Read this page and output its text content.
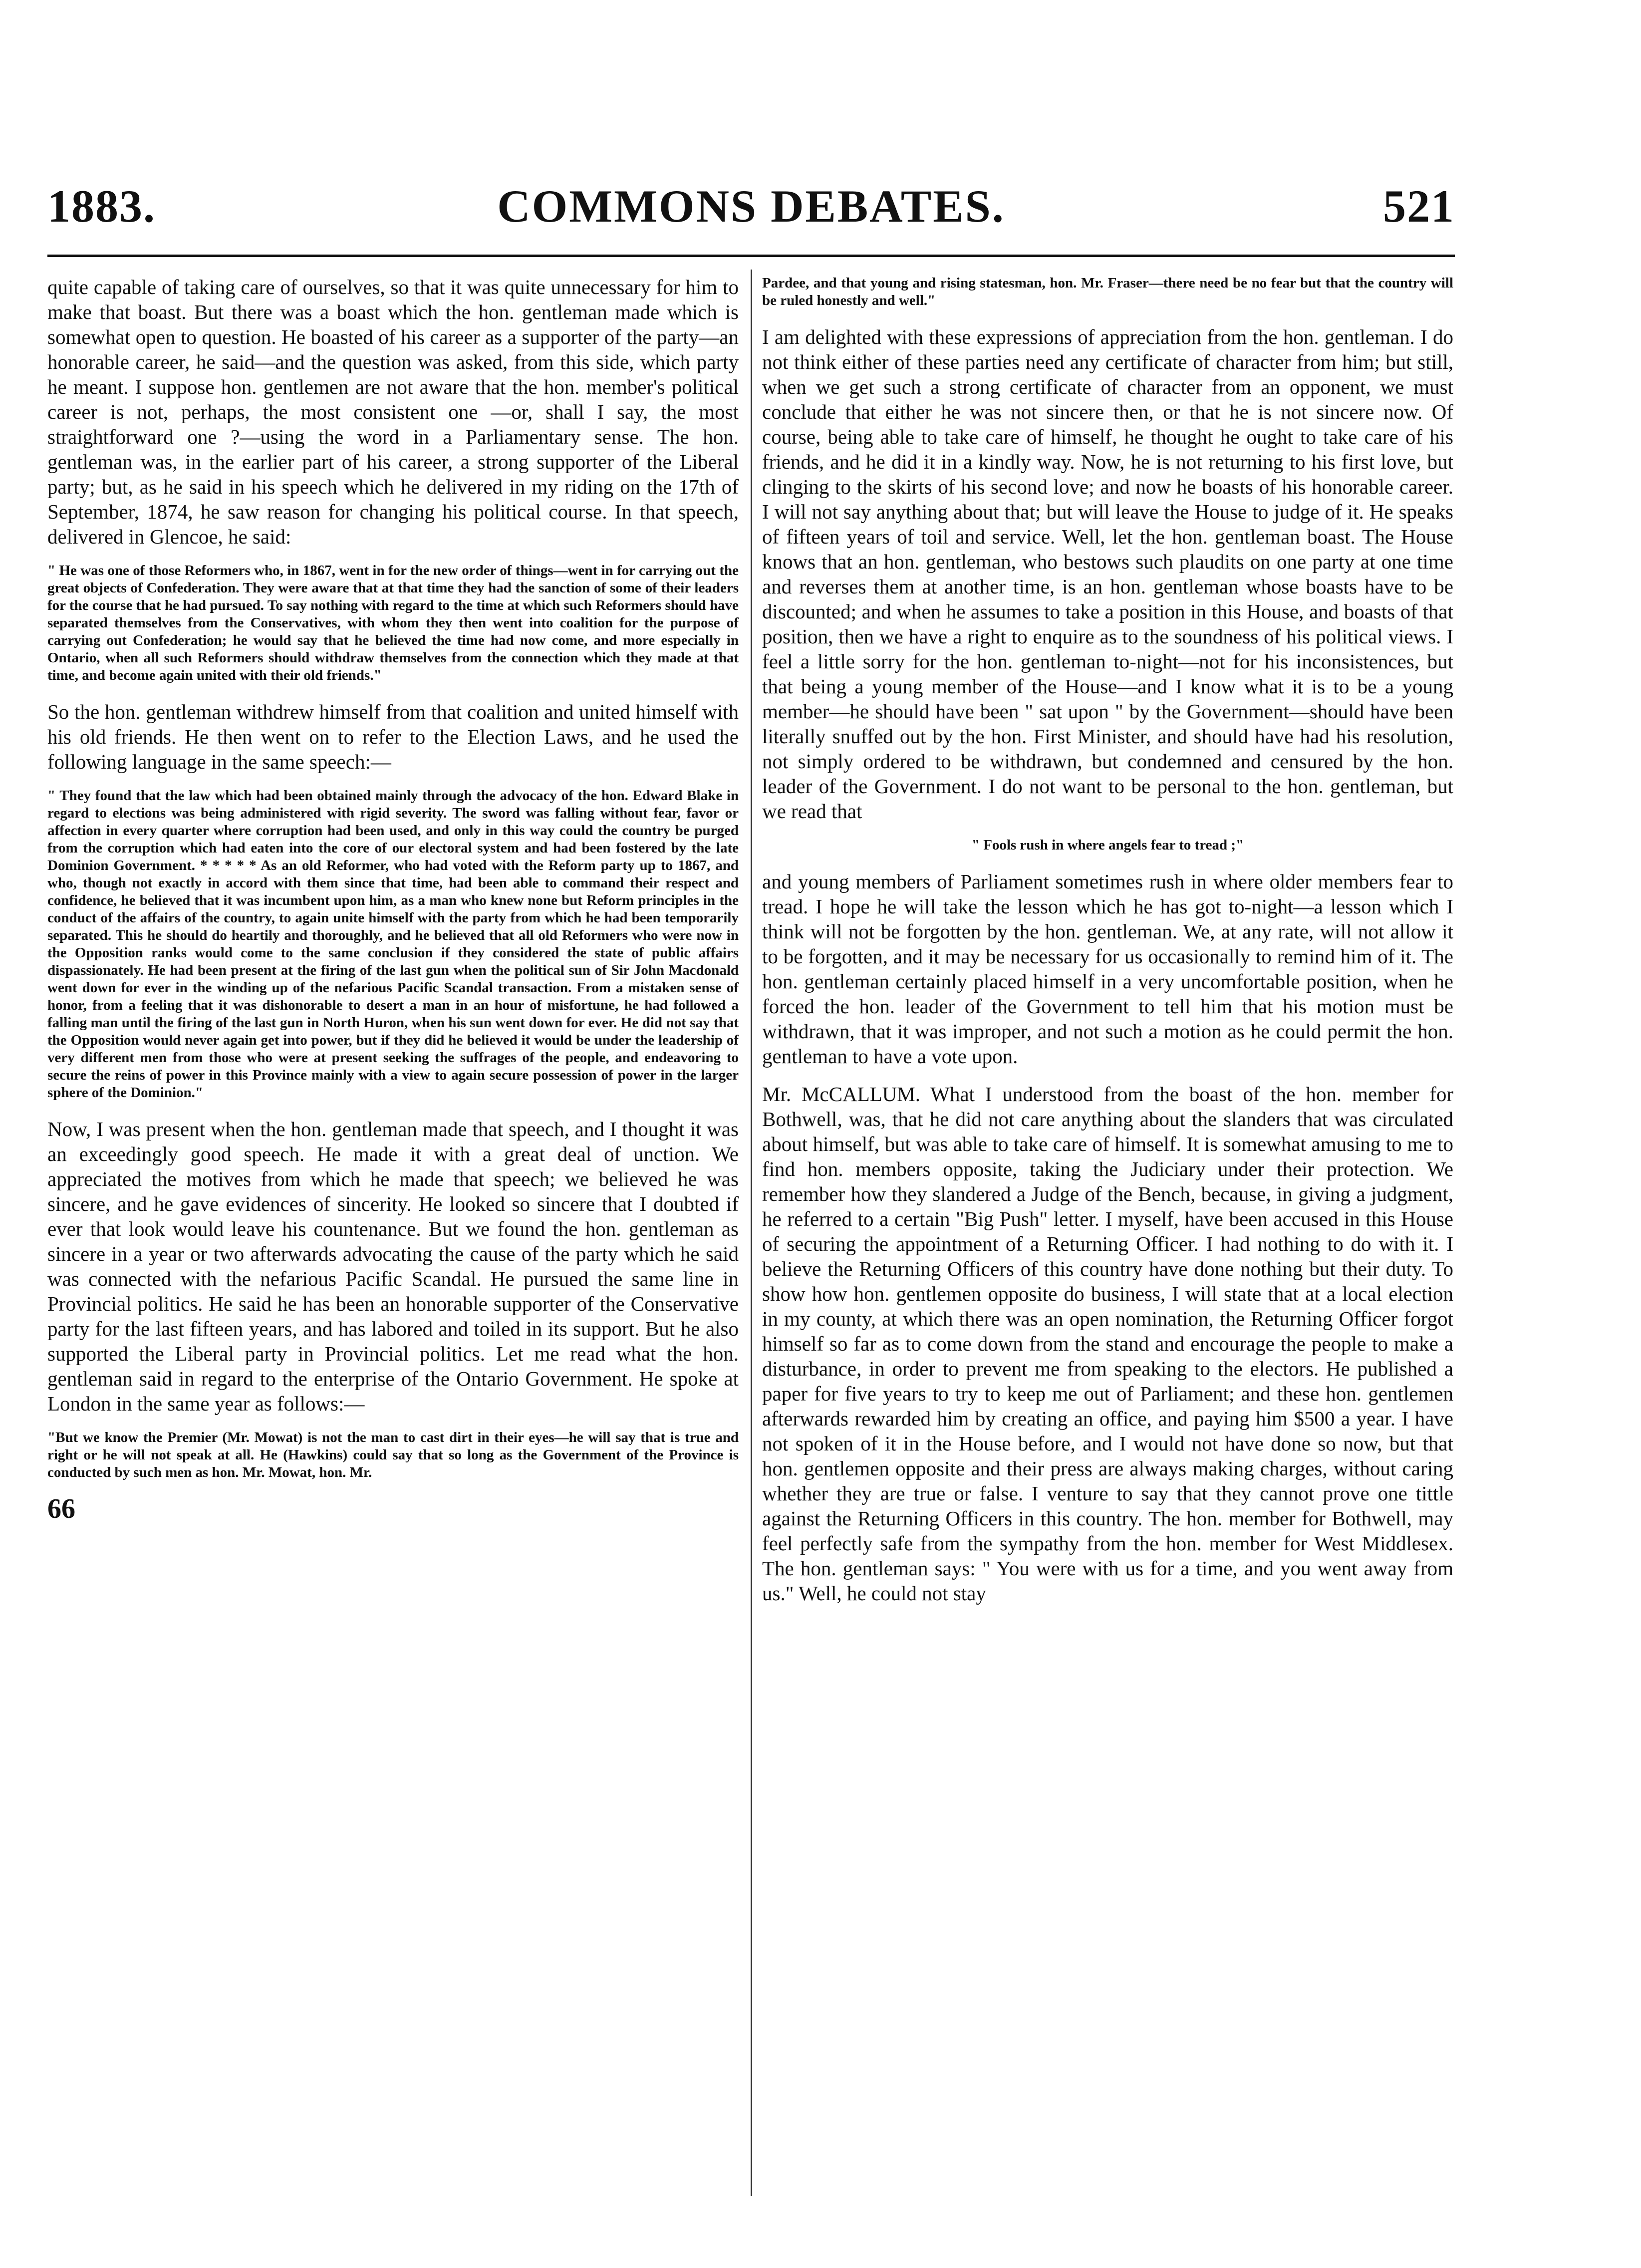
1883.	COMMONS DEBATES.	521

quite capable of taking care of ourselves, so that it was quite unnecessary for him to make that boast. But there was a boast which the hon. gentleman made which is somewhat open to question. He boasted of his career as a supporter of the party—an honorable career, he said—and the question was asked, from this side, which party he meant. I suppose hon. gentlemen are not aware that the hon. member's political career is not, perhaps, the most consistent one —or, shall I say, the most straightforward one ?—using the word in a Parliamentary sense. The hon. gentleman was, in the earlier part of his career, a strong supporter of the Liberal party; but, as he said in his speech which he delivered in my riding on the 17th of September, 1874, he saw reason for changing his political course. In that speech, delivered in Glencoe, he said:

" He was one of those Reformers who, in 1867, went in for the new order of things—went in for carrying out the great objects of Confederation. They were aware that at that time they had the sanction of some of their leaders for the course that he had pursued. To say nothing with regard to the time at which such Reformers should have separated themselves from the Conservatives, with whom they then went into coalition for the purpose of carrying out Confederation; he would say that he believed the time had now come, and more especially in Ontario, when all such Reformers should withdraw themselves from the connection which they made at that time, and become again united with their old friends."

So the hon. gentleman withdrew himself from that coalition and united himself with his old friends. He then went on to refer to the Election Laws, and he used the following language in the same speech:—

" They found that the law which had been obtained mainly through the advocacy of the hon. Edward Blake in regard to elections was being administered with rigid severity. The sword was falling without fear, favor or affection in every quarter where corruption had been used, and only in this way could the country be purged from the corruption which had eaten into the core of our electoral system and had been fostered by the late Dominion Government. * * * * * As an old Reformer, who had voted with the Reform party up to 1867, and who, though not exactly in accord with them since that time, had been able to command their respect and confidence, he believed that it was incumbent upon him, as a man who knew none but Reform principles in the conduct of the affairs of the country, to again unite himself with the party from which he had been temporarily separated. This he should do heartily and thoroughly, and he believed that all old Reformers who were now in the Opposition ranks would come to the same conclusion if they considered the state of public affairs dispassionately. He had been present at the firing of the last gun when the political sun of Sir John Macdonald went down for ever in the winding up of the nefarious Pacific Scandal transaction. From a mistaken sense of honor, from a feeling that it was dishonorable to desert a man in an hour of misfortune, he had followed a falling man until the firing of the last gun in North Huron, when his sun went down for ever. He did not say that the Opposition would never again get into power, but if they did he believed it would be under the leadership of very different men from those who were at present seeking the suffrages of the people, and endeavoring to secure the reins of power in this Province mainly with a view to again secure possession of power in the larger sphere of the Dominion."

Now, I was present when the hon. gentleman made that speech, and I thought it was an exceedingly good speech. He made it with a great deal of unction. We appreciated the motives from which he made that speech; we believed he was sincere, and he gave evidences of sincerity. He looked so sincere that I doubted if ever that look would leave his countenance. But we found the hon. gentleman as sincere in a year or two afterwards advocating the cause of the party which he said was connected with the nefarious Pacific Scandal. He pursued the same line in Provincial politics. He said he has been an honorable supporter of the Conservative party for the last fifteen years, and has labored and toiled in its support. But he also supported the Liberal party in Provincial politics. Let me read what the hon. gentleman said in regard to the enterprise of the Ontario Government. He spoke at London in the same year as follows:—

"But we know the Premier (Mr. Mowat) is not the man to cast dirt in their eyes—he will say that is true and right or he will not speak at all. He (Hawkins) could say that so long as the Government of the Province is conducted by such men as hon. Mr. Mowat, hon. Mr.
66
Pardee, and that young and rising statesman, hon. Mr. Fraser—there need be no fear but that the country will be ruled honestly and well."

I am delighted with these expressions of appreciation from the hon. gentleman. I do not think either of these parties need any certificate of character from him; but still, when we get such a strong certificate of character from an opponent, we must conclude that either he was not sincere then, or that he is not sincere now. Of course, being able to take care of himself, he thought he ought to take care of his friends, and he did it in a kindly way. Now, he is not returning to his first love, but clinging to the skirts of his second love; and now he boasts of his honorable career. I will not say anything about that; but will leave the House to judge of it. He speaks of fifteen years of toil and service. Well, let the hon. gentleman boast. The House knows that an hon. gentleman, who bestows such plaudits on one party at one time and reverses them at another time, is an hon. gentleman whose boasts have to be discounted; and when he assumes to take a position in this House, and boasts of that position, then we have a right to enquire as to the soundness of his political views. I feel a little sorry for the hon. gentleman to-night—not for his inconsistences, but that being a young member of the House—and I know what it is to be a young member—he should have been " sat upon " by the Government—should have been literally snuffed out by the hon. First Minister, and should have had his resolution, not simply ordered to be withdrawn, but condemned and censured by the hon. leader of the Government. I do not want to be personal to the hon. gentleman, but we read that

" Fools rush in where angels fear to tread ;"

and young members of Parliament sometimes rush in where older members fear to tread. I hope he will take the lesson which he has got to-night—a lesson which I think will not be forgotten by the hon. gentleman. We, at any rate, will not allow it to be forgotten, and it may be necessary for us occasionally to remind him of it. The hon. gentleman certainly placed himself in a very uncomfortable position, when he forced the hon. leader of the Government to tell him that his motion must be withdrawn, that it was improper, and not such a motion as he could permit the hon. gentleman to have a vote upon.

Mr. McCALLUM. What I understood from the boast of the hon. member for Bothwell, was, that he did not care anything about the slanders that was circulated about himself, but was able to take care of himself. It is somewhat amusing to me to find hon. members opposite, taking the Judiciary under their protection. We remember how they slandered a Judge of the Bench, because, in giving a judgment, he referred to a certain "Big Push" letter. I myself, have been accused in this House of securing the appointment of a Returning Officer. I had nothing to do with it. I believe the Returning Officers of this country have done nothing but their duty. To show how hon. gentlemen opposite do business, I will state that at a local election in my county, at which there was an open nomination, the Returning Officer forgot himself so far as to come down from the stand and encourage the people to make a disturbance, in order to prevent me from speaking to the electors. He published a paper for five years to try to keep me out of Parliament; and these hon. gentlemen afterwards rewarded him by creating an office, and paying him $500 a year. I have not spoken of it in the House before, and I would not have done so now, but that hon. gentlemen opposite and their press are always making charges, without caring whether they are true or false. I venture to say that they cannot prove one tittle against the Returning Officers in this country. The hon. member for Bothwell, may feel perfectly safe from the sympathy from the hon. member for West Middlesex. The hon. gentleman says: " You were with us for a time, and you went away from us." Well, he could not stay
